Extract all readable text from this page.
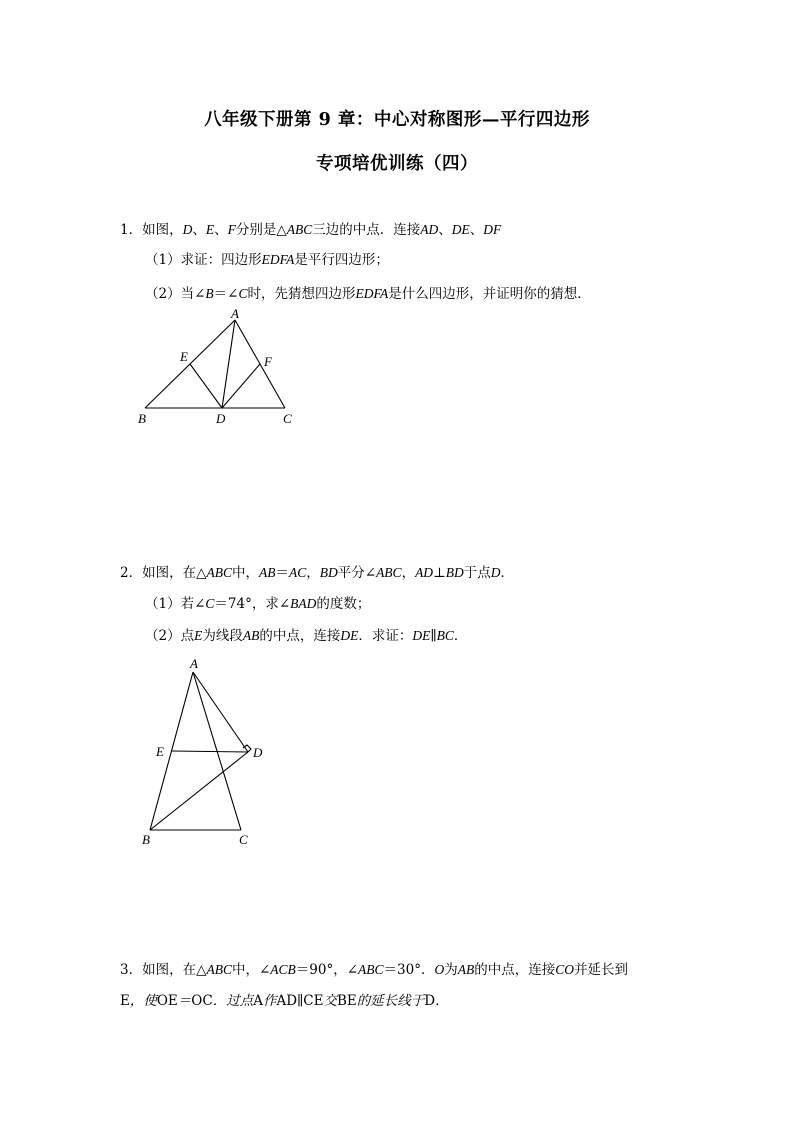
八年级下册第 9 章：中心对称图形—平行四边形
专项培优训练（四）
1．如图，D、E、F分别是△ABC三边的中点．连接AD、DE、DF
（1）求证：四边形EDFA是平行四边形；
（2）当∠B＝∠C时，先猜想四边形EDFA是什么四边形，并证明你的猜想．
A
E	F
B	D	C
2．如图，在△ABC中，AB＝AC，BD平分∠ABC，AD⊥BD于点D．
（1）若∠C＝74°，求∠BAD的度数；
（2）点E为线段AB的中点，连接DE．求证：DE∥BC．
A
E	D
B	C
3．如图，在△ABC中，∠ACB＝90°，∠ABC＝30°．O为AB的中点，连接CO并延长到
E，使OE＝OC．过点A作AD∥CE交BE的延长线于D．
